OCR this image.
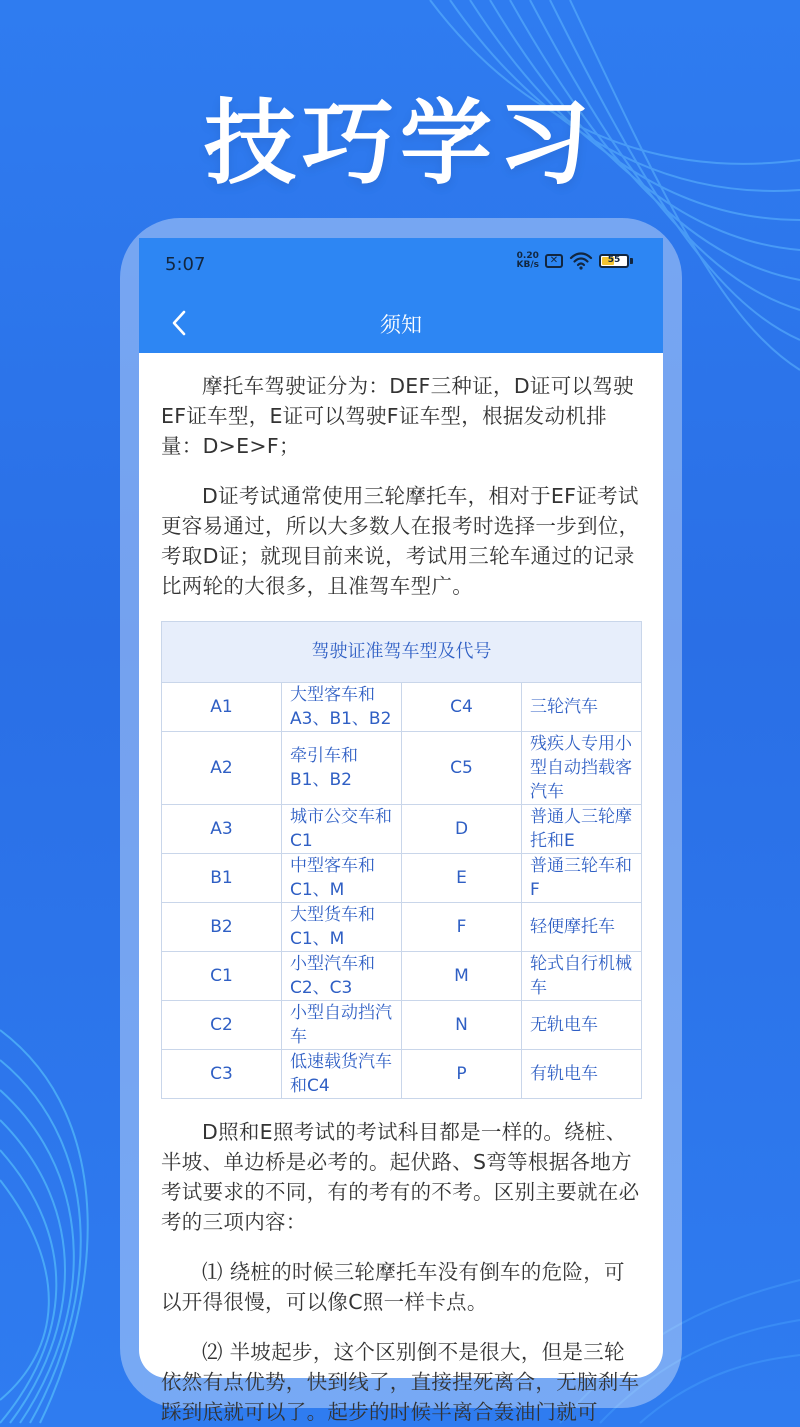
技巧学习
5:07	0.20
KB/s	✕	55
须知

摩托车驾驶证分为：DEF三种证，D证可以驾驶EF证车型，E证可以驾驶F证车型，根据发动机排量：D>E>F；

D证考试通常使用三轮摩托车，相对于EF证考试更容易通过，所以大多数人在报考时选择一步到位，考取D证；就现目前来说，考试用三轮车通过的记录比两轮的大很多，且准驾车型广。

驾驶证准驾车型及代号			
A1	大型客车和A3、B1、B2	C4	三轮汽车
A2	牵引车和B1、B2	C5	残疾人专用小型自动挡载客汽车
A3	城市公交车和C1	D	普通人三轮摩托和E
B1	中型客车和C1、M	E	普通三轮车和F
B2	大型货车和C1、M	F	轻便摩托车
C1	小型汽车和C2、C3	M	轮式自行机械车
C2	小型自动挡汽车	N	无轨电车
C3	低速载货汽车和C4	P	有轨电车

D照和E照考试的考试科目都是一样的。绕桩、半坡、单边桥是必考的。起伏路、S弯等根据各地方考试要求的不同，有的考有的不考。区别主要就在必考的三项内容：

⑴ 绕桩的时候三轮摩托车没有倒车的危险，可以开得很慢，可以像C照一样卡点。

⑵ 半坡起步，这个区别倒不是很大，但是三轮依然有点优势，快到线了，直接捏死离合，无脑刹车踩到底就可以了。起步的时候半离合轰油门就可
